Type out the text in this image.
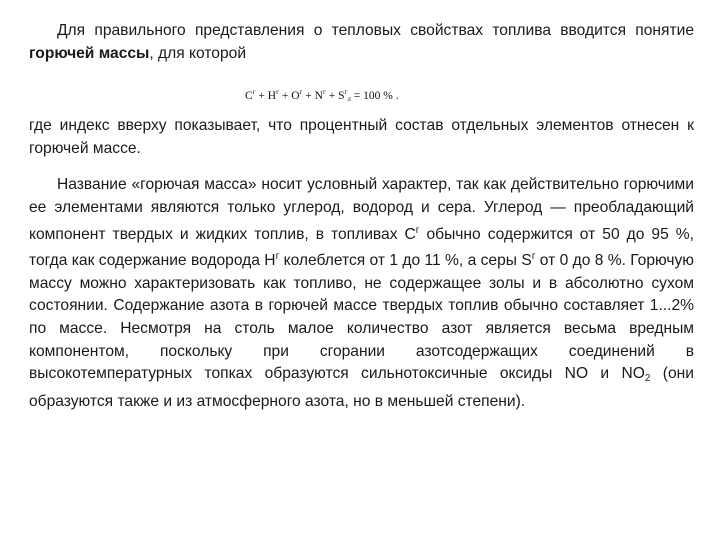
Для правильного представления о тепловых свойствах топлива вводится понятие горючей массы, для которой

$C^г + H^г + O^г + N^г + S^г_л = 100$ % .

где индекс вверху показывает, что процентный состав отдельных элементов отнесен к горючей массе.

Название «горючая масса» носит условный характер, так как действительно горючими ее элементами являются только углерод, водород и сера. Углерод — преобладающий компонент твердых и жидких топлив, в топливах $C^г$ обычно содержится от 50 до 95 %, тогда как содержание водорода $H^г$ колеблется от 1 до 11 %, а серы $S^г$ от 0 до 8 %. Горючую массу можно характеризовать как топливо, не содержащее золы и в абсолютно сухом состоянии. Содержание азота в горючей массе твердых топлив обычно составляет 1...2% по массе. Несмотря на столь малое количество азот является весьма вредным компонентом, поскольку при сгорании азотсодержащих соединений в высокотемпературных топках образуются сильнотоксичные оксиды NO и NO2 (они образуются также и из атмосферного азота, но в меньшей степени).
